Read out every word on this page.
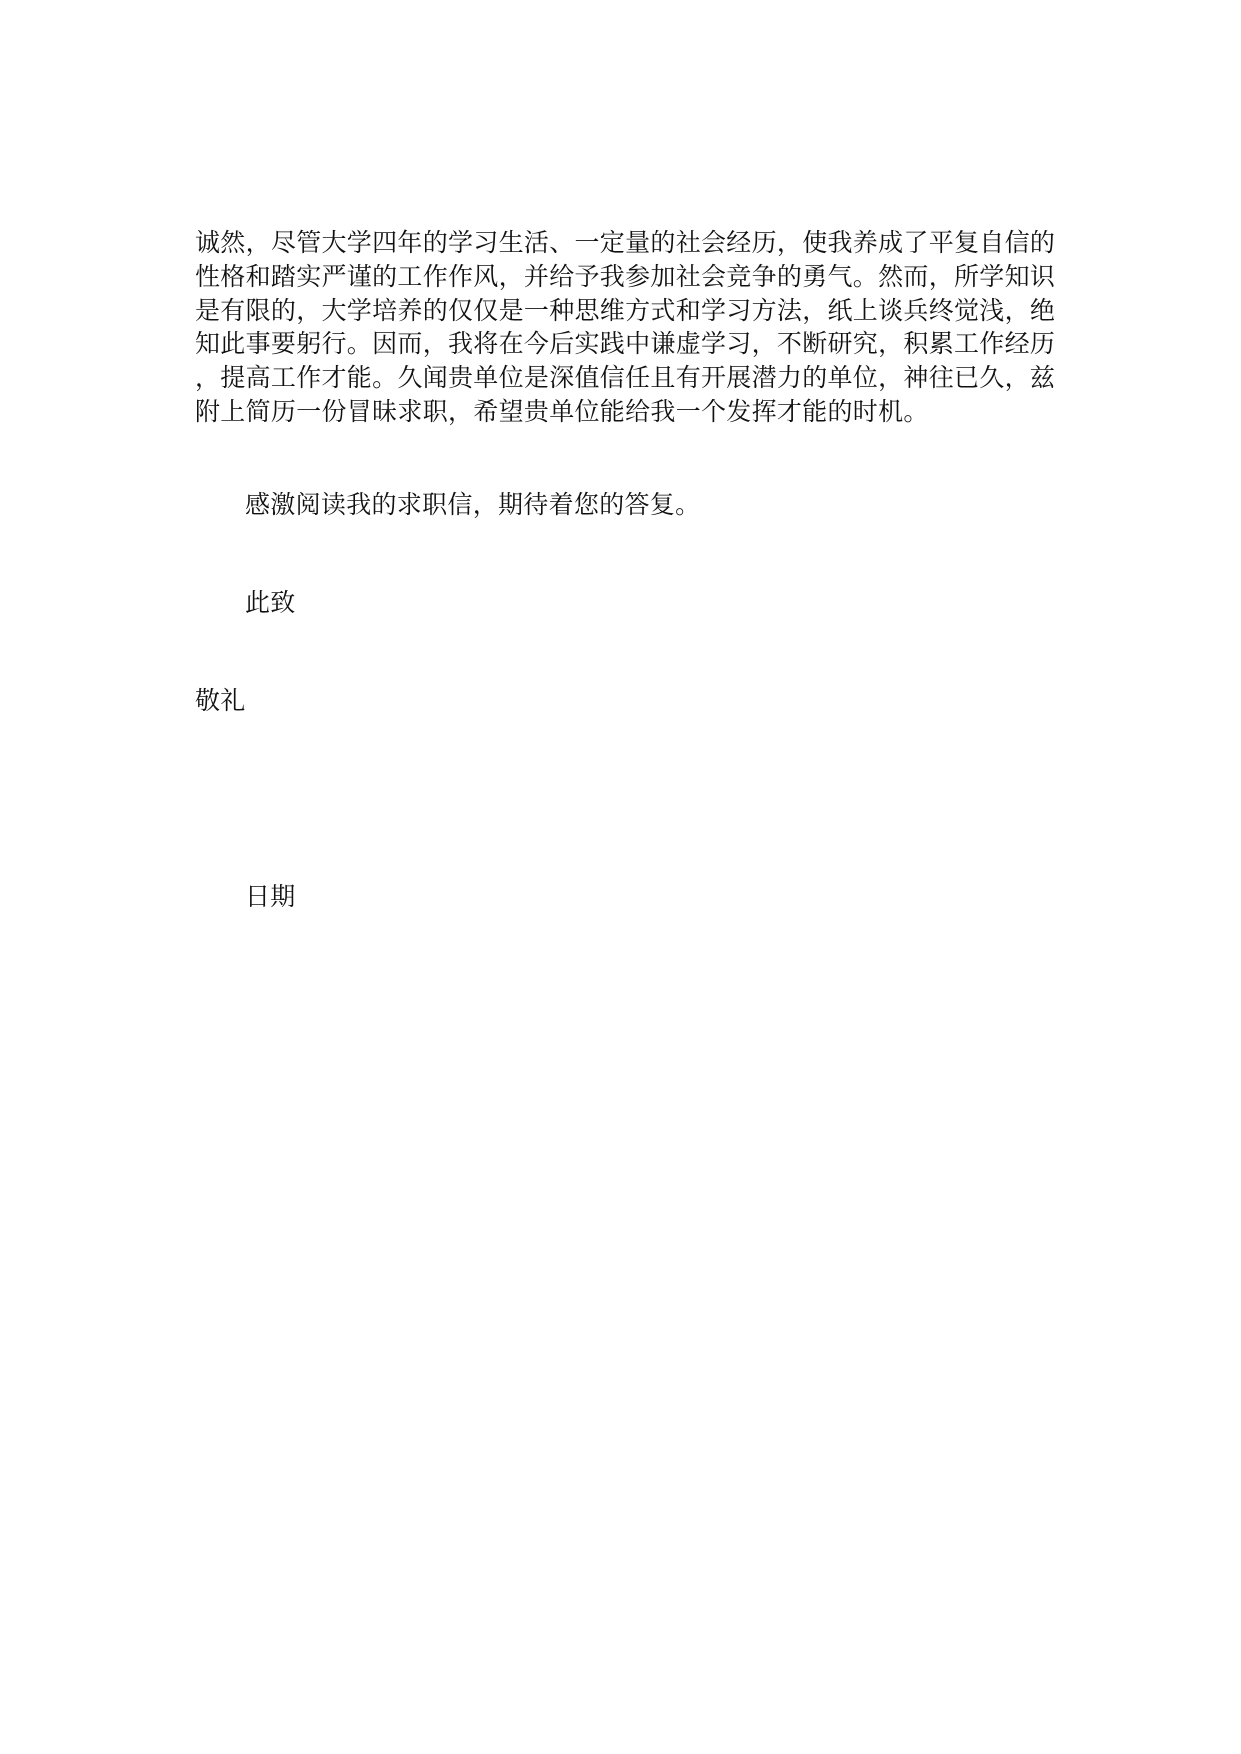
诚然，尽管大学四年的学习生活、一定量的社会经历，使我养成了平复自信的
性格和踏实严谨的工作作风，并给予我参加社会竞争的勇气。然而，所学知识
是有限的，大学培养的仅仅是一种思维方式和学习方法，纸上谈兵终觉浅，绝
知此事要躬行。因而，我将在今后实践中谦虚学习，不断研究，积累工作经历
，提高工作才能。久闻贵单位是深值信任且有开展潜力的单位，神往已久，兹
附上简历一份冒昧求职，希望贵单位能给我一个发挥才能的时机。
感激阅读我的求职信，期待着您的答复。
此致
敬礼
日期
